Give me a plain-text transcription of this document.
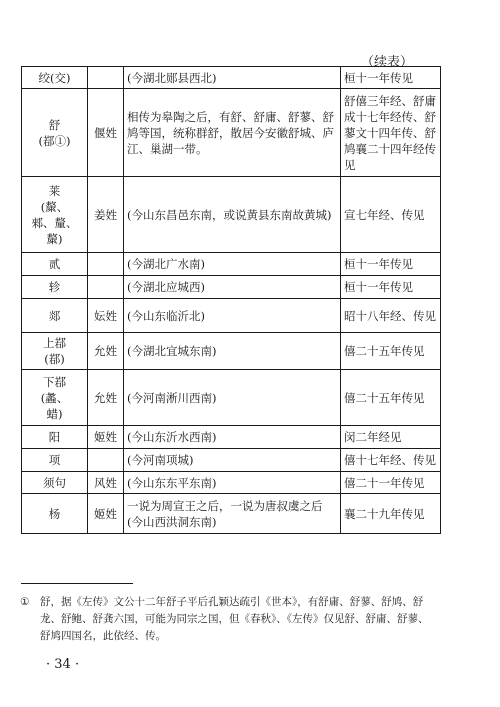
（续表）
绞(交)		(今湖北郧县西北)	桓十一年传见
舒
(鄀①)	偃姓	相传为皋陶之后，有舒、舒庸、舒蓼、舒鸠等国，统称群舒，散居今安徽舒城、庐江、巢湖一带。	舒僖三年经、舒庸成十七年经传、舒蓼文十四年传、舒鸠襄二十四年经传见
莱
(斄、
郲、釐、
斄)	姜姓	(今山东昌邑东南，或说黄县东南故黄城)	宣七年经、传见
贰		(今湖北广水南)	桓十一年传见
轸		(今湖北应城西)	桓十一年传见
郯	妘姓	(今山东临沂北)	昭十八年经、传见
上鄀
(鄀)	允姓	(今湖北宜城东南)	僖二十五年传见
下鄀
(蠡、
蜡)	允姓	(今河南淅川西南)	僖二十五年传见
阳	姬姓	(今山东沂水西南)	闵二年经见
项		(今河南项城)	僖十七年经、传见
须句	风姓	(今山东东平东南)	僖二十一年传见
杨	姬姓	一说为周宣王之后，一说为唐叔虞之后(今山西洪洞东南)	襄二十九年传见
① 舒，据《左传》文公十二年舒子平后孔颖达疏引《世本》，有舒庸、舒蓼、舒鸠、舒龙、舒鲍、舒龚六国，可能为同宗之国，但《春秋》、《左传》仅见舒、舒庸、舒蓼、舒鸠四国名，此依经、传。
· 34 ·
